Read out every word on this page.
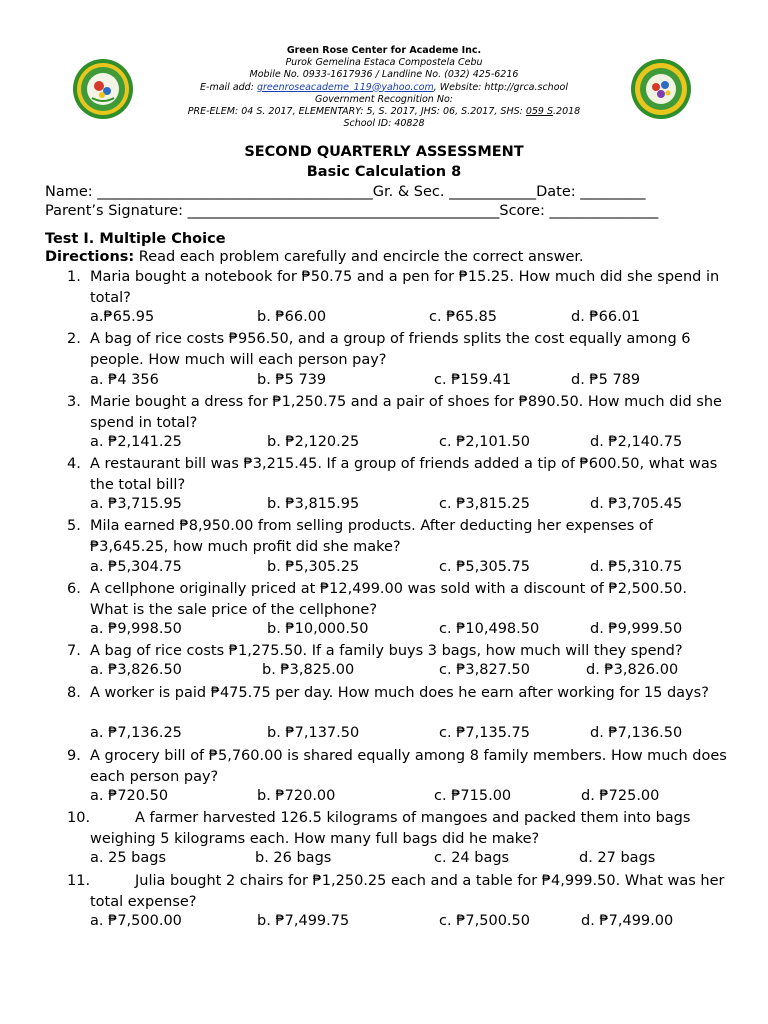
Green Rose Center for Academe Inc.
Purok Gemelina Estaca Compostela Cebu
Mobile No. 0933-1617936 / Landline No. (032) 425-6216
E-mail add: greenroseacademe_119@yahoo.com, Website: http://grca.school
Government Recognition No:
PRE-ELEM: 04 S. 2017, ELEMENTARY: 5, S. 2017, JHS: 06, S.2017, SHS: 059 S.2018
School ID: 40828
SECOND QUARTERLY ASSESSMENT
Basic Calculation 8
Name: ______________________________________Gr. & Sec. ____________Date: _________
Parent’s Signature: ___________________________________________Score: _______________
Test I. Multiple Choice
Directions: Read each problem carefully and encircle the correct answer.
1. Maria bought a notebook for ₱50.75 and a pen for ₱15.25. How much did she spend in total?
a.₱65.95	b. ₱66.00	c. ₱65.85	d. ₱66.01
2. A bag of rice costs ₱956.50, and a group of friends splits the cost equally among 6 people. How much will each person pay?
a. ₱4 356	b. ₱5 739	c. ₱159.41	d. ₱5 789
3. Marie bought a dress for ₱1,250.75 and a pair of shoes for ₱890.50. How much did she spend in total?
a. ₱2,141.25	b. ₱2,120.25	c. ₱2,101.50	d. ₱2,140.75
4. A restaurant bill was ₱3,215.45. If a group of friends added a tip of ₱600.50, what was the total bill?
a. ₱3,715.95	b. ₱3,815.95	c. ₱3,815.25	d. ₱3,705.45
5. Mila earned ₱8,950.00 from selling products. After deducting her expenses of ₱3,645.25, how much profit did she make?
a. ₱5,304.75	b. ₱5,305.25	c. ₱5,305.75	d. ₱5,310.75
6. A cellphone originally priced at ₱12,499.00 was sold with a discount of ₱2,500.50. What is the sale price of the cellphone?
a. ₱9,998.50	b. ₱10,000.50	c. ₱10,498.50	d. ₱9,999.50
7. A bag of rice costs ₱1,275.50. If a family buys 3 bags, how much will they spend?
a. ₱3,826.50	b. ₱3,825.00	c. ₱3,827.50	d. ₱3,826.00
8. A worker is paid ₱475.75 per day. How much does he earn after working for 15 days?
a. ₱7,136.25	b. ₱7,137.50	c. ₱7,135.75	d. ₱7,136.50
9. A grocery bill of ₱5,760.00 is shared equally among 8 family members. How much does each person pay?
a. ₱720.50	b. ₱720.00	c. ₱715.00	d. ₱725.00
10.	A farmer harvested 126.5 kilograms of mangoes and packed them into bags weighing 5 kilograms each. How many full bags did he make?
a. 25 bags	b. 26 bags	c. 24 bags	d. 27 bags
11.	Julia bought 2 chairs for ₱1,250.25 each and a table for ₱4,999.50. What was her total expense?
a. ₱7,500.00	b. ₱7,499.75	c. ₱7,500.50	d. ₱7,499.00
